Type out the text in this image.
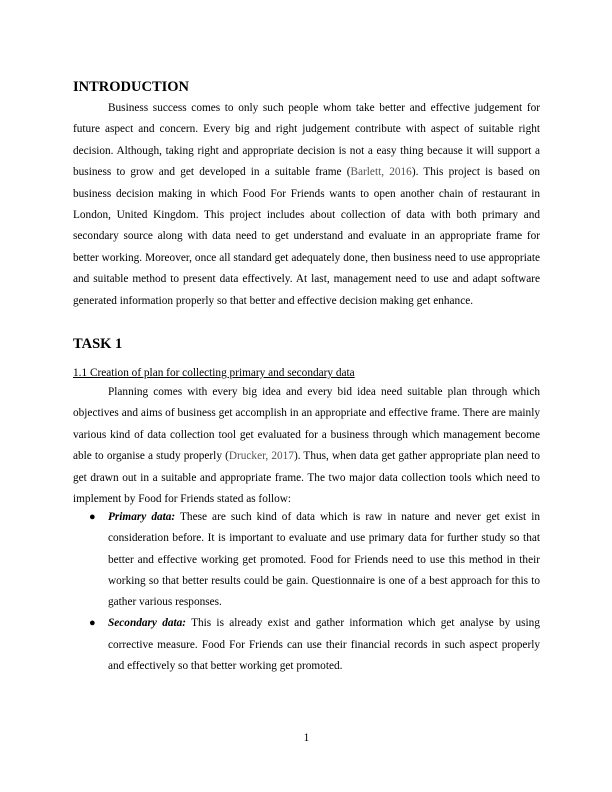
INTRODUCTION

Business success comes to only such people whom take better and effective judgement for future aspect and concern. Every big and right judgement contribute with aspect of suitable right decision. Although, taking right and appropriate decision is not a easy thing because it will support a business to grow and get developed in a suitable frame (Barlett, 2016). This project is based on business decision making in which Food For Friends wants to open another chain of restaurant in London, United Kingdom. This project includes about collection of data with both primary and secondary source along with data need to get understand and evaluate in an appropriate frame for better working. Moreover, once all standard get adequately done, then business need to use appropriate and suitable method to present data effectively. At last, management need to use and adapt software generated information properly so that better and effective decision making get enhance.

TASK 1
1.1 Creation of plan for collecting primary and secondary data

Planning comes with every big idea and every bid idea need suitable plan through which objectives and aims of business get accomplish in an appropriate and effective frame. There are mainly various kind of data collection tool get evaluated for a business through which management become able to organise a study properly (Drucker, 2017). Thus, when data get gather appropriate plan need to get drawn out in a suitable and appropriate frame. The two major data collection tools which need to implement by Food for Friends stated as follow:

● Primary data: These are such kind of data which is raw in nature and never get exist in consideration before. It is important to evaluate and use primary data for further study so that better and effective working get promoted. Food for Friends need to use this method in their working so that better results could be gain. Questionnaire is one of a best approach for this to gather various responses.
● Secondary data: This is already exist and gather information which get analyse by using corrective measure. Food For Friends can use their financial records in such aspect properly and effectively so that better working get promoted.
1
